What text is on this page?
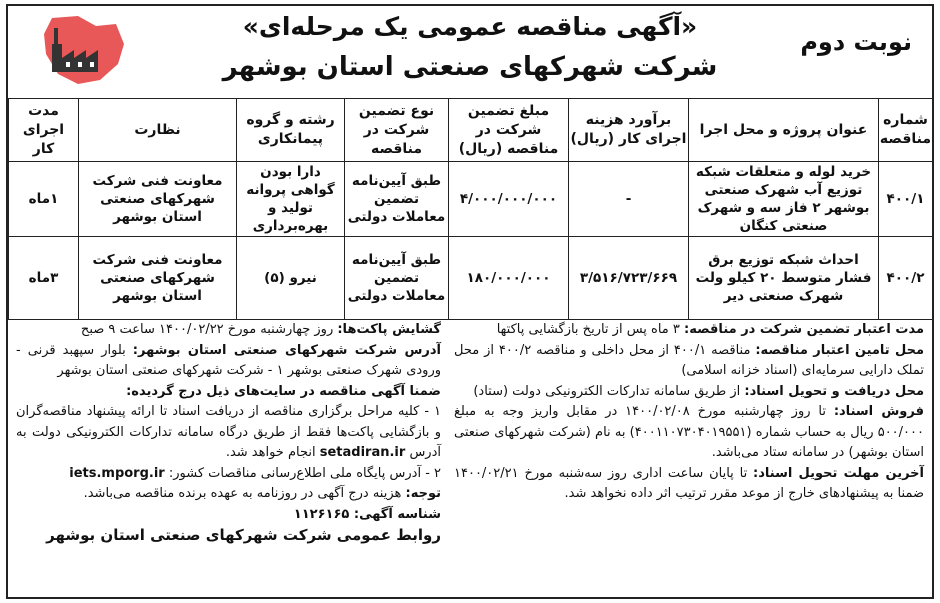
نوبت دوم
«آگهی مناقصه عمومی یک مرحله‌ای»
شرکت شهرکهای صنعتی استان بوشهر
شماره مناقصه	عنوان پروژه و محل اجرا	برآورد هزینه اجرای کار (ریال)	مبلغ تضمین شرکت در مناقصه (ریال)	نوع تضمین شرکت در مناقصه	رشته و گروه پیمانکاری	نظارت	مدت اجرای کار
۴۰۰/۱	خرید لوله و متعلقات شبکه توزیع آب شهرک صنعتی بوشهر ۲ فاز سه و شهرک صنعتی کنگان	-	۴/۰۰۰/۰۰۰/۰۰۰	طبق آیین‌نامه تضمین معاملات دولتی	دارا بودن گواهی پروانه تولید و بهره‌برداری	معاونت فنی شرکت شهرکهای صنعتی استان بوشهر	۱ماه
۴۰۰/۲	احداث شبکه توزیع برق فشار متوسط ۲۰ کیلو ولت شهرک صنعتی دیر	۳/۵۱۶/۷۲۳/۶۶۹	۱۸۰/۰۰۰/۰۰۰	طبق آیین‌نامه تضمین معاملات دولتی	نیرو (۵)	معاونت فنی شرکت شهرکهای صنعتی استان بوشهر	۳ماه

مدت اعتبار تضمین شرکت در مناقصه: ۳ ماه پس از تاریخ بازگشایی پاکتها

محل تامین اعتبار مناقصه: مناقصه ۴۰۰/۱ از محل داخلی و مناقصه ۴۰۰/۲ از محل تملک دارایی سرمایه‌ای (اسناد خزانه اسلامی)

محل دریافت و تحویل اسناد: از طریق سامانه تدارکات الکترونیکی دولت (ستاد)

فروش اسناد: تا روز چهارشنبه مورخ ۱۴۰۰/۰۲/۰۸ در مقابل واریز وجه به مبلغ ۵۰۰/۰۰۰ ریال به حساب شماره (۴۰۰۱۱۰۷۳۰۴۰۱۹۵۵۱) به نام (شرکت شهرکهای صنعتی استان بوشهر) در سامانه ستاد می‌باشد.

آخرین مهلت تحویل اسناد: تا پایان ساعت اداری روز سه‌شنبه مورخ ۱۴۰۰/۰۲/۲۱ ضمنا به پیشنهادهای خارج از موعد مقرر ترتیب اثر داده نخواهد شد.

گشایش پاکت‌ها: روز چهارشنبه مورخ ۱۴۰۰/۰۲/۲۲ ساعت ۹ صبح

آدرس شرکت شهرکهای صنعتی استان بوشهر: بلوار سپهبد قرنی - ورودی شهرک صنعتی بوشهر ۱ - شرکت شهرکهای صنعتی استان بوشهر

ضمنا آگهی مناقصه در سایت‌های ذیل درج گردیده:

۱ - کلیه مراحل برگزاری مناقصه از دریافت اسناد تا ارائه پیشنهاد مناقصه‌گران و بازگشایی پاکت‌ها فقط از طریق درگاه سامانه تدارکات الکترونیکی دولت به آدرس setadiran.ir انجام خواهد شد.

۲ - آدرس پایگاه ملی اطلاع‌رسانی مناقصات کشور: iets.mporg.ir

توجه: هزینه درج آگهی در روزنامه به عهده برنده مناقصه می‌باشد.

شناسه آگهی: ۱۱۲۶۱۶۵

روابط عمومی شرکت شهرکهای صنعتی استان بوشهر
